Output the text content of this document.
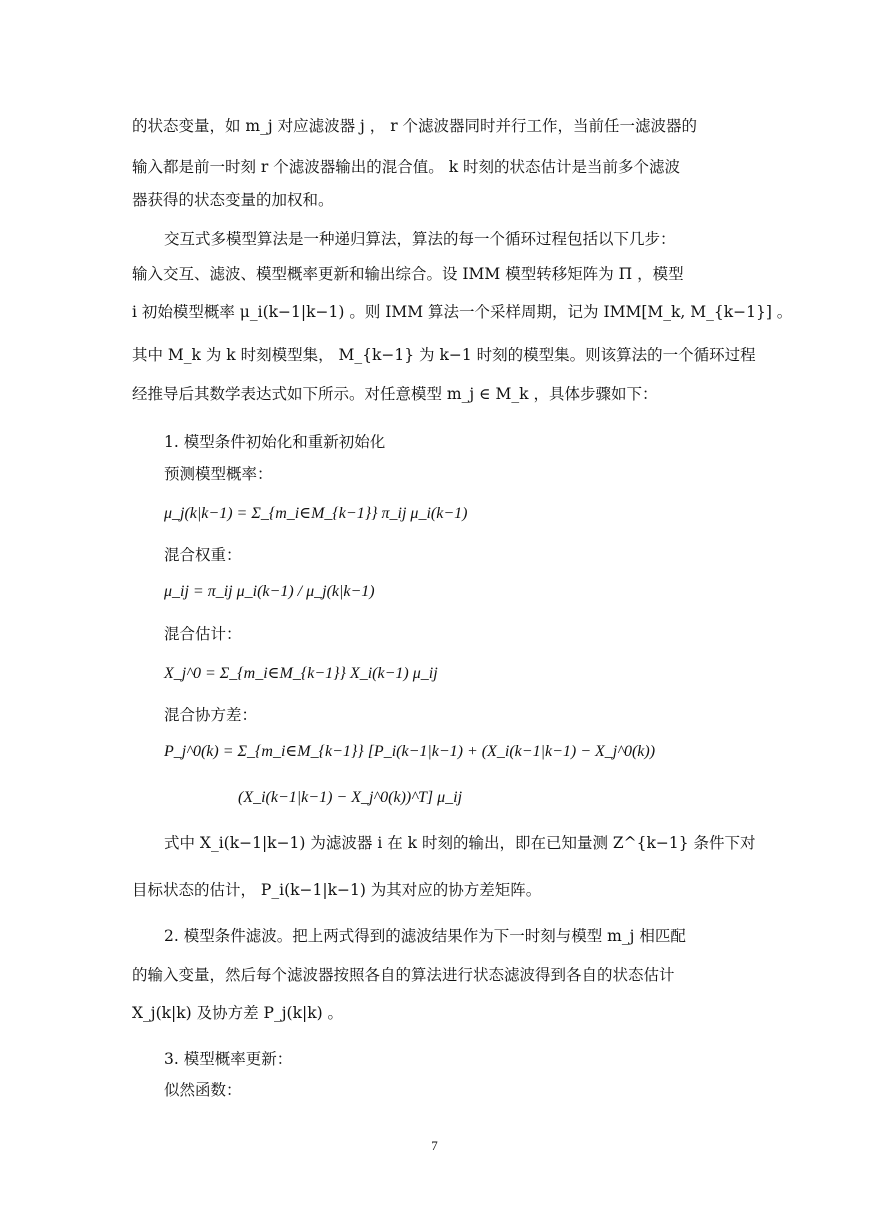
的状态变量，如 m_j 对应滤波器 j ， r 个滤波器同时并行工作，当前任一滤波器的
输入都是前一时刻 r 个滤波器输出的混合值。 k 时刻的状态估计是当前多个滤波
器获得的状态变量的加权和。
交互式多模型算法是一种递归算法，算法的每一个循环过程包括以下几步：
输入交互、滤波、模型概率更新和输出综合。设 IMM 模型转移矩阵为 Π ，模型
i 初始模型概率 μ_i(k−1|k−1) 。则 IMM 算法一个采样周期，记为 IMM[M_k, M_{k−1}] 。
其中 M_k 为 k 时刻模型集， M_{k−1} 为 k−1 时刻的模型集。则该算法的一个循环过程
经推导后其数学表达式如下所示。对任意模型 m_j ∈ M_k ，具体步骤如下：
1. 模型条件初始化和重新初始化
预测模型概率：
μ_j(k|k−1) = Σ_{m_i∈M_{k−1}} π_ij μ_i(k−1)
混合权重：
μ_ij = π_ij μ_i(k−1) / μ_j(k|k−1)
混合估计：
X_j^0 = Σ_{m_i∈M_{k−1}} X_i(k−1) μ_ij
混合协方差：
P_j^0(k) = Σ_{m_i∈M_{k−1}} [P_i(k−1|k−1) + (X_i(k−1|k−1) − X_j^0(k))
(X_i(k−1|k−1) − X_j^0(k))^T] μ_ij
式中 X_i(k−1|k−1) 为滤波器 i 在 k 时刻的输出，即在已知量测 Z^{k−1} 条件下对
目标状态的估计， P_i(k−1|k−1) 为其对应的协方差矩阵。
2. 模型条件滤波。把上两式得到的滤波结果作为下一时刻与模型 m_j 相匹配
的输入变量，然后每个滤波器按照各自的算法进行状态滤波得到各自的状态估计
X_j(k|k) 及协方差 P_j(k|k) 。
3. 模型概率更新：
似然函数：
7
